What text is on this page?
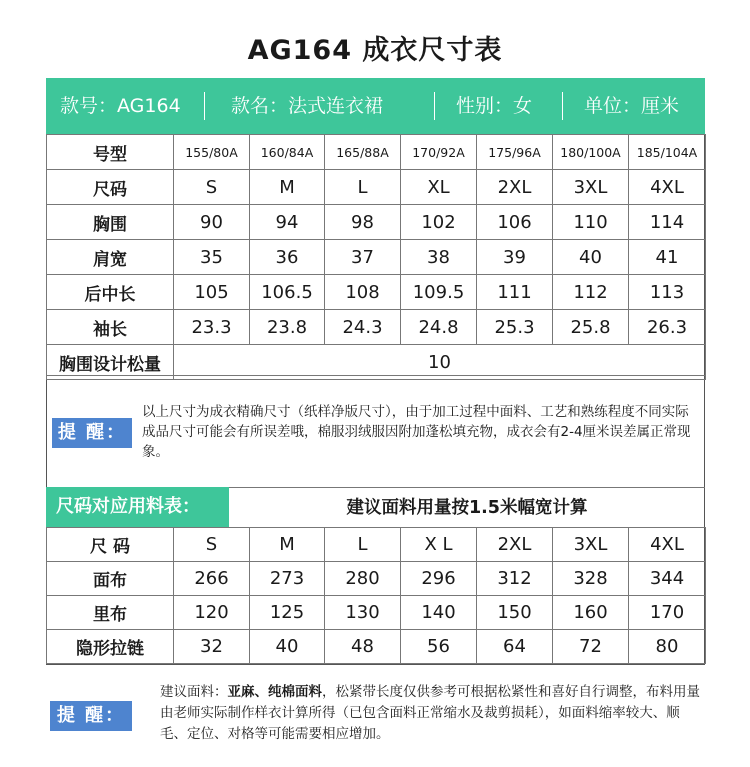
AG164 成衣尺寸表
款号：AG164	款名：法式连衣裙	性别：女	单位：厘米
号型	155/80A	160/84A	165/88A	170/92A	175/96A	180/100A	185/104A
尺码	S	M	L	XL	2XL	3XL	4XL
胸围	90	94	98	102	106	110	114
肩宽	35	36	37	38	39	40	41
后中长	105	106.5	108	109.5	111	112	113
袖长	23.3	23.8	24.3	24.8	25.3	25.8	26.3
胸围设计松量	10						
提 醒：
以上尺寸为成衣精确尺寸（纸样净版尺寸），由于加工过程中面料、工艺和熟练程度不同实际成品尺寸可能会有所误差哦，棉服羽绒服因附加蓬松填充物，成衣会有2-4厘米误差属正常现象。
尺码对应用料表：	建议面料用量按1.5米幅宽计算
尺 码	S	M	L	X L	2XL	3XL	4XL
面布	266	273	280	296	312	328	344
里布	120	125	130	140	150	160	170
隐形拉链	32	40	48	56	64	72	80
提 醒：
建议面料：亚麻、纯棉面料，松紧带长度仅供参考可根据松紧性和喜好自行调整，布料用量由老师实际制作样衣计算所得（已包含面料正常缩水及裁剪损耗），如面料缩率较大、顺毛、定位、对格等可能需要相应增加。
